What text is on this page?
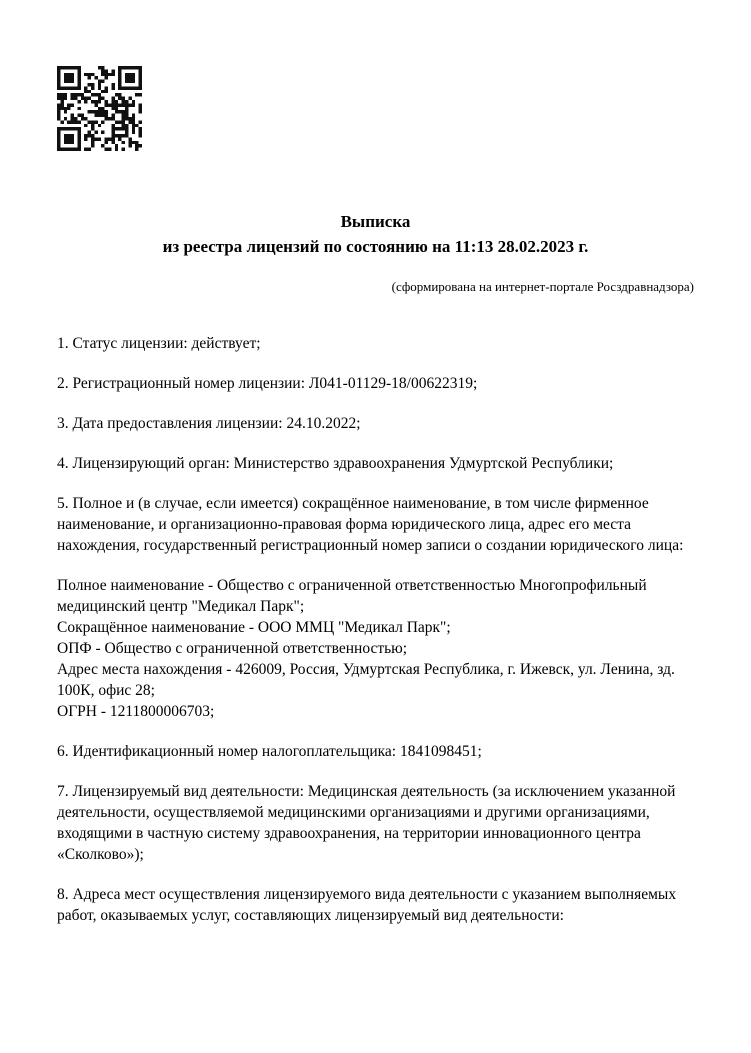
Выписка
из реестра лицензий по состоянию на 11:13 28.02.2023 г.
(сформирована на интернет-портале Росздравнадзора)
1. Статус лицензии: действует;
2. Регистрационный номер лицензии: Л041-01129-18/00622319;
3. Дата предоставления лицензии: 24.10.2022;
4. Лицензирующий орган: Министерство здравоохранения Удмуртской Республики;
5. Полное и (в случае, если имеется) сокращённое наименование, в том числе фирменное наименование, и организационно-правовая форма юридического лица, адрес его места нахождения, государственный регистрационный номер записи о создании юридического лица:
Полное наименование - Общество с ограниченной ответственностью Многопрофильный медицинский центр "Медикал Парк";
Сокращённое наименование - ООО ММЦ "Медикал Парк";
ОПФ - Общество с ограниченной ответственностью;
Адрес места нахождения - 426009, Россия, Удмуртская Республика, г. Ижевск, ул. Ленина, зд. 100К, офис 28;
ОГРН - 1211800006703;
6. Идентификационный номер налогоплательщика: 1841098451;
7. Лицензируемый вид деятельности: Медицинская деятельность (за исключением указанной деятельности, осуществляемой медицинскими организациями и другими организациями, входящими в частную систему здравоохранения, на территории инновационного центра «Сколково»);
8. Адреса мест осуществления лицензируемого вида деятельности с указанием выполняемых работ, оказываемых услуг, составляющих лицензируемый вид деятельности:
